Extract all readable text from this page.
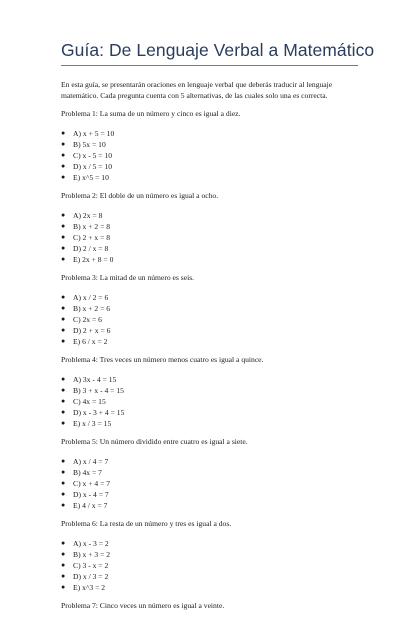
Guía: De Lenguaje Verbal a Matemático

En esta guía, se presentarán oraciones en lenguaje verbal que deberás traducir al lenguaje matemático. Cada pregunta cuenta con 5 alternativas, de las cuales solo una es correcta.

Problema 1: La suma de un número y cinco es igual a diez.

● A) x + 5 = 10
● B) 5x = 10
● C) x - 5 = 10
● D) x / 5 = 10
● E) x^5 = 10

Problema 2: El doble de un número es igual a ocho.

● A) 2x = 8
● B) x + 2 = 8
● C) 2 + x = 8
● D) 2 / x = 8
● E) 2x + 8 = 0

Problema 3: La mitad de un número es seis.

● A) x / 2 = 6
● B) x + 2 = 6
● C) 2x = 6
● D) 2 + x = 6
● E) 6 / x = 2

Problema 4: Tres veces un número menos cuatro es igual a quince.

● A) 3x - 4 = 15
● B) 3 + x - 4 = 15
● C) 4x = 15
● D) x - 3 + 4 = 15
● E) x / 3 = 15

Problema 5: Un número dividido entre cuatro es igual a siete.

● A) x / 4 = 7
● B) 4x = 7
● C) x + 4 = 7
● D) x - 4 = 7
● E) 4 / x = 7

Problema 6: La resta de un número y tres es igual a dos.

● A) x - 3 = 2
● B) x + 3 = 2
● C) 3 - x = 2
● D) x / 3 = 2
● E) x^3 = 2

Problema 7: Cinco veces un número es igual a veinte.
